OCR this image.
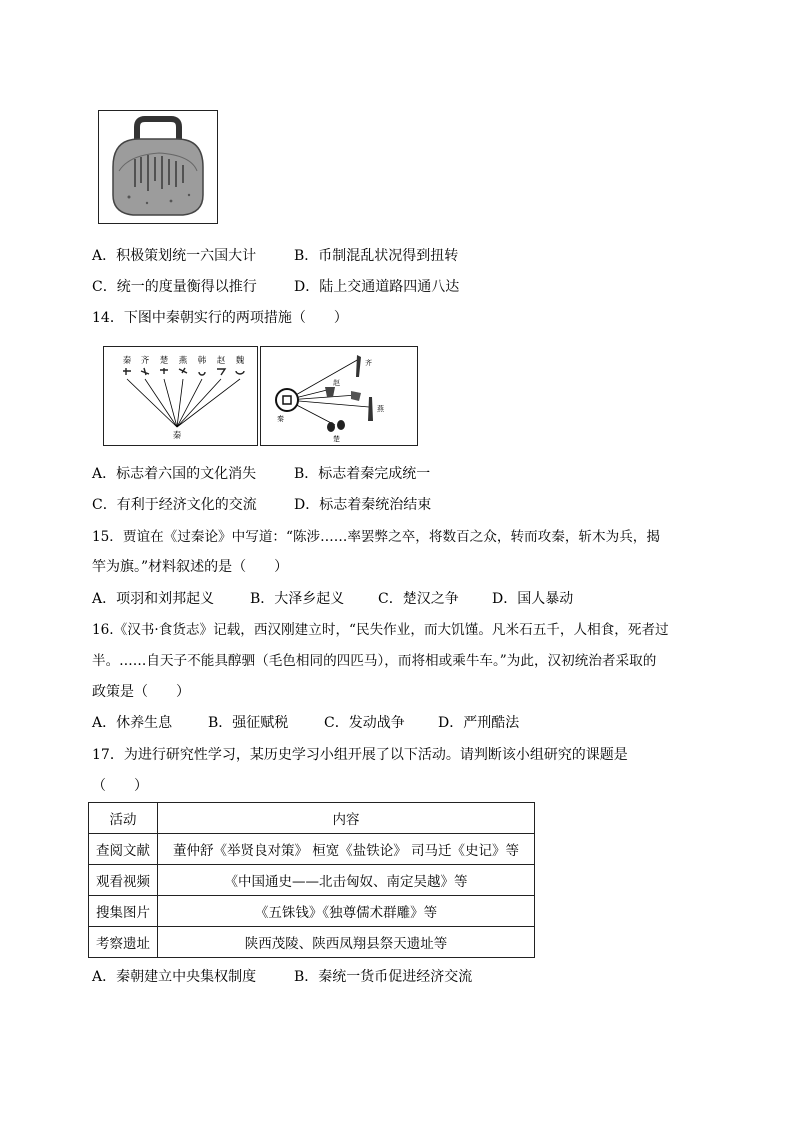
A．积极策划统一六国大计	B．币制混乱状况得到扭转
C．统一的度量衡得以推行	D．陆上交通道路四通八达
14．下图中秦朝实行的两项措施（　　）
秦 齐 楚 燕 韩 赵 魏
秦
齐
赵
燕
楚
秦
A．标志着六国的文化消失	B．标志着秦完成统一
C．有利于经济文化的交流	D．标志着秦统治结束
15．贾谊在《过秦论》中写道：“陈涉……率罢弊之卒，将数百之众，转而攻秦，斩木为兵，揭
竿为旗。”材料叙述的是（　　）
A．项羽和刘邦起义	B．大泽乡起义 C．楚汉之争 D．国人暴动
16.《汉书·食货志》记载，西汉刚建立时，“民失作业，而大饥馑。凡米石五千，人相食，死者过
半。……自天子不能具醇驷（毛色相同的四匹马），而将相或乘牛车。”为此，汉初统治者采取的
政策是（　　）
A．休养生息	B．强征赋税	C．发动战争 D．严刑酷法
17．为进行研究性学习，某历史学习小组开展了以下活动。请判断该小组研究的课题是
（　　）
活动	内容
查阅文献	董仲舒《举贤良对策》 桓宽《盐铁论》 司马迁《史记》等
观看视频	《中国通史——北击匈奴、南定吴越》等
搜集图片	《五铢钱》《独尊儒术群雕》等
考察遗址	陕西茂陵、陕西凤翔县祭天遗址等
A．秦朝建立中央集权制度	B．秦统一货币促进经济交流
